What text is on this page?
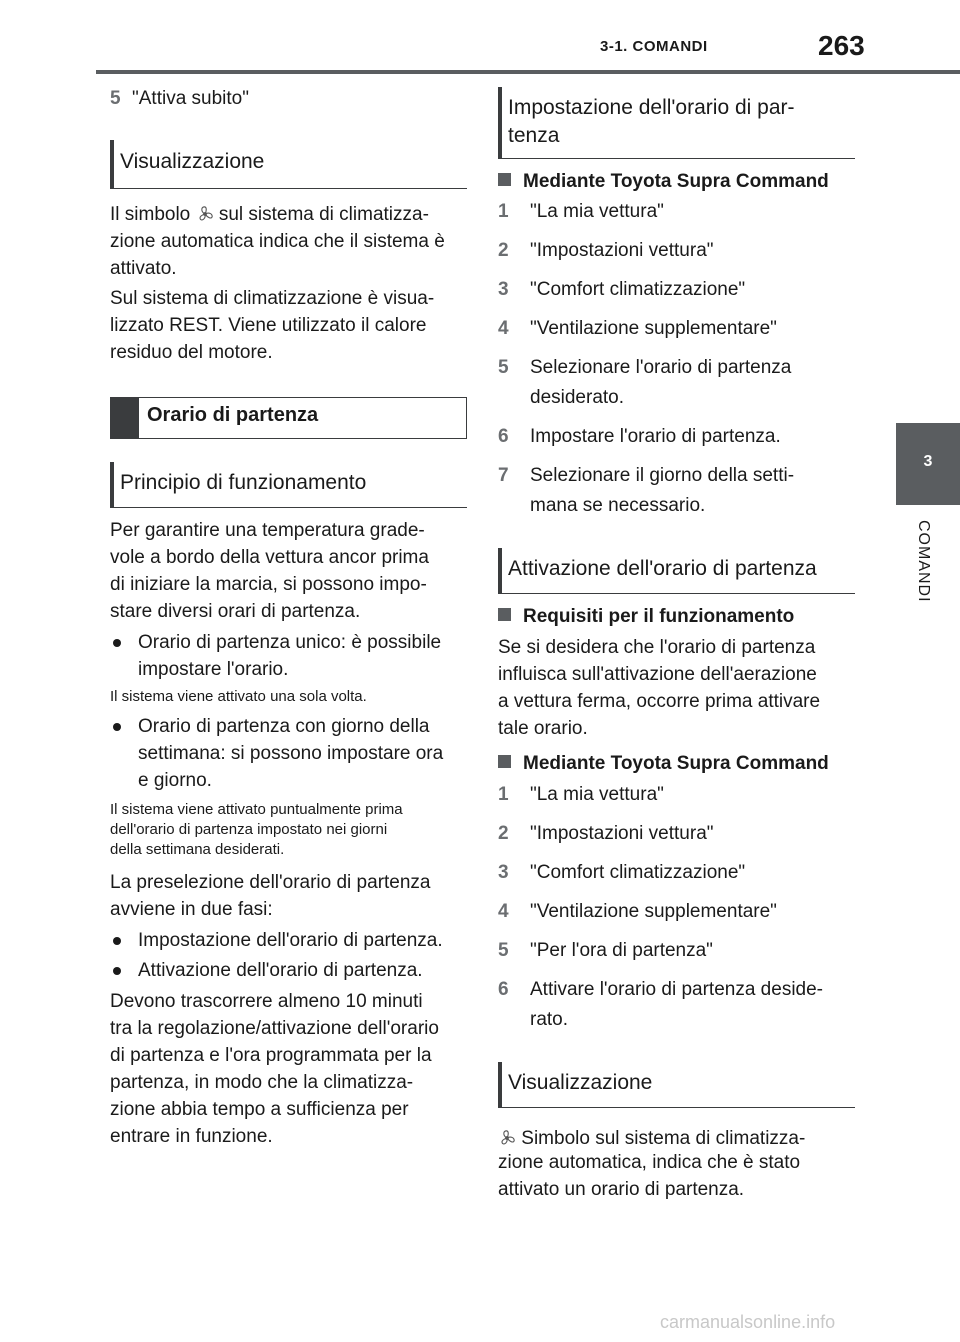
3-1. COMANDI	263
3
COMANDI
5 "Attiva subito"
Visualizzazione

Il simbolo sul sistema di climatizza-

zione automatica indica che il sistema è

attivato.

Sul sistema di climatizzazione è visua-

lizzato REST. Viene utilizzato il calore

residuo del motore.

Orario di partenza
Principio di funzionamento

Per garantire una temperatura grade-

vole a bordo della vettura ancor prima

di iniziare la marcia, si possono impo-

stare diversi orari di partenza.

Orario di partenza unico: è possibile
impostare l'orario.

Il sistema viene attivato una sola volta.

Orario di partenza con giorno della
settimana: si possono impostare ora
e giorno.

Il sistema viene attivato puntualmente prima

dell'orario di partenza impostato nei giorni

della settimana desiderati.

La preselezione dell'orario di partenza

avviene in due fasi:

Impostazione dell'orario di partenza.
Attivazione dell'orario di partenza.

Devono trascorrere almeno 10 minuti

tra la regolazione/attivazione dell'orario

di partenza e l'ora programmata per la

partenza, in modo che la climatizza-

zione abbia tempo a sufficienza per

entrare in funzione.

Impostazione dell'orario di par-
tenza
Mediante Toyota Supra Command
1 "La mia vettura"
2 "Impostazioni vettura"
3 "Comfort climatizzazione"
4 "Ventilazione supplementare"
5 Selezionare l'orario di partenza
desiderato.
6 Impostare l'orario di partenza.
7 Selezionare il giorno della setti-
mana se necessario.
Attivazione dell'orario di partenza
Requisiti per il funzionamento

Se si desidera che l'orario di partenza

influisca sull'attivazione dell'aerazione

a vettura ferma, occorre prima attivare

tale orario.

Mediante Toyota Supra Command
1 "La mia vettura"
2 "Impostazioni vettura"
3 "Comfort climatizzazione"
4 "Ventilazione supplementare"
5 "Per l'ora di partenza"
6 Attivare l'orario di partenza deside-
rato.
Visualizzazione

Simbolo sul sistema di climatizza-

zione automatica, indica che è stato

attivato un orario di partenza.

carmanualsonline.info
